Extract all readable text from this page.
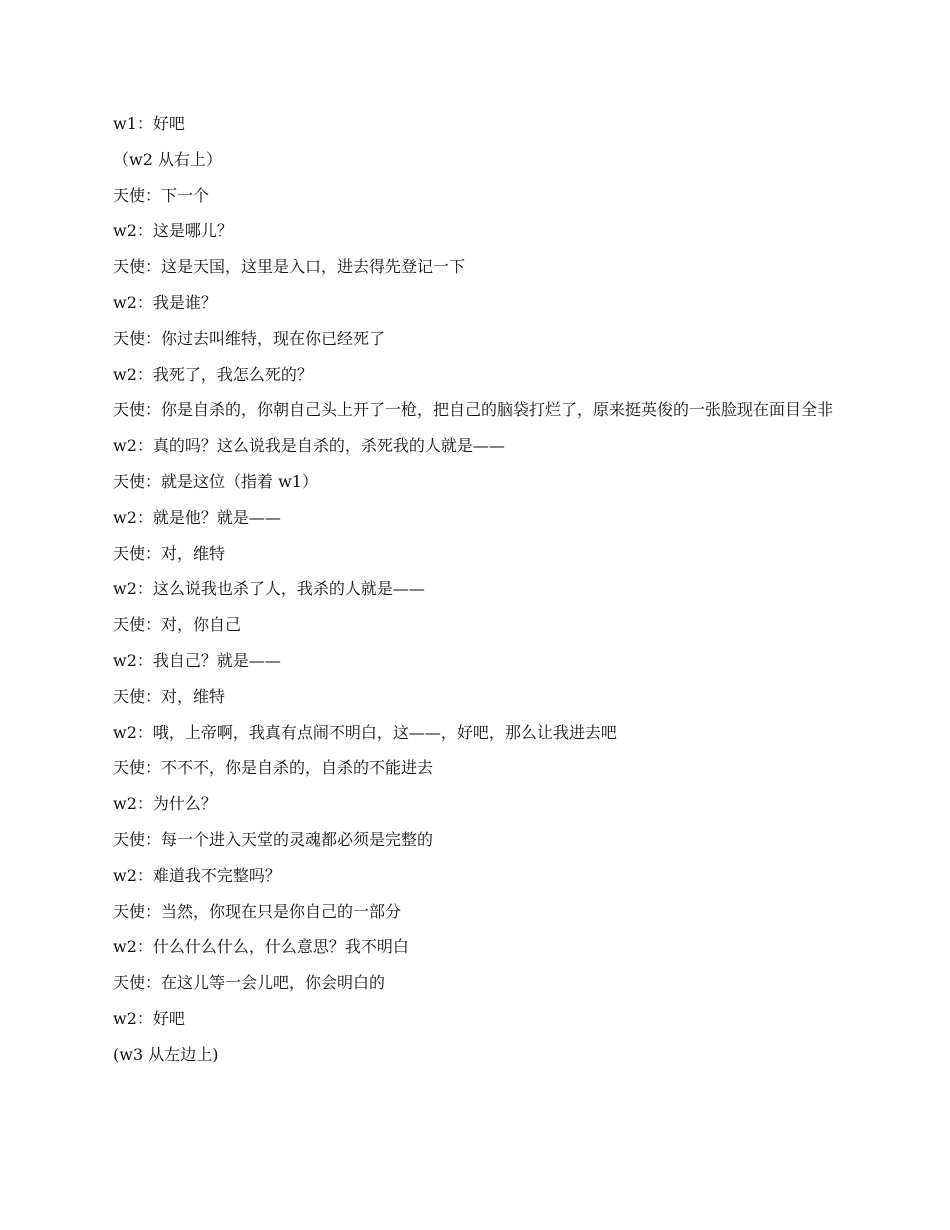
w1：好吧

（w2 从右上）

天使：下一个

w2：这是哪儿？

天使：这是天国，这里是入口，进去得先登记一下

w2：我是谁？

天使：你过去叫维特，现在你已经死了

w2：我死了，我怎么死的？

天使：你是自杀的，你朝自己头上开了一枪，把自己的脑袋打烂了，原来挺英俊的一张脸现在面目全非

w2：真的吗？这么说我是自杀的，杀死我的人就是——

天使：就是这位（指着 w1）

w2：就是他？就是——

天使：对，维特

w2：这么说我也杀了人，我杀的人就是——

天使：对，你自己

w2：我自己？就是——

天使：对，维特

w2：哦，上帝啊，我真有点闹不明白，这——，好吧，那么让我进去吧

天使：不不不，你是自杀的，自杀的不能进去

w2：为什么？

天使：每一个进入天堂的灵魂都必须是完整的

w2：难道我不完整吗？

天使：当然，你现在只是你自己的一部分

w2：什么什么什么，什么意思？我不明白

天使：在这儿等一会儿吧，你会明白的

w2：好吧

(w3 从左边上)
